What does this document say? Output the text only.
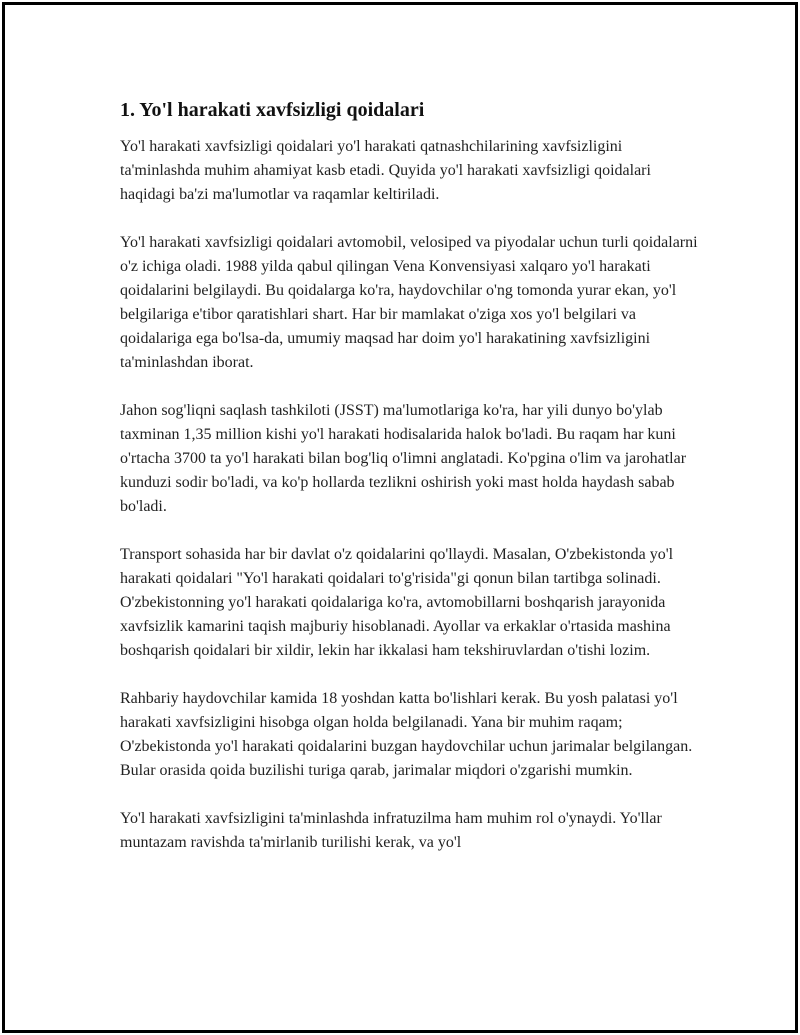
1. Yo'l harakati xavfsizligi qoidalari

Yo'l harakati xavfsizligi qoidalari yo'l harakati qatnashchilarining xavfsizligini ta'minlashda muhim ahamiyat kasb etadi. Quyida yo'l harakati xavfsizligi qoidalari haqidagi ba'zi ma'lumotlar va raqamlar keltiriladi.

Yo'l harakati xavfsizligi qoidalari avtomobil, velosiped va piyodalar uchun turli qoidalarni o'z ichiga oladi. 1988 yilda qabul qilingan Vena Konvensiyasi xalqaro yo'l harakati qoidalarini belgilaydi. Bu qoidalarga ko'ra, haydovchilar o'ng tomonda yurar ekan, yo'l belgilariga e'tibor qaratishlari shart. Har bir mamlakat o'ziga xos yo'l belgilari va qoidalariga ega bo'lsa-da, umumiy maqsad har doim yo'l harakatining xavfsizligini ta'minlashdan iborat.

Jahon sog'liqni saqlash tashkiloti (JSST) ma'lumotlariga ko'ra, har yili dunyo bo'ylab taxminan 1,35 million kishi yo'l harakati hodisalarida halok bo'ladi. Bu raqam har kuni o'rtacha 3700 ta yo'l harakati bilan bog'liq o'limni anglatadi. Ko'pgina o'lim va jarohatlar kunduzi sodir bo'ladi, va ko'p hollarda tezlikni oshirish yoki mast holda haydash sabab bo'ladi.

Transport sohasida har bir davlat o'z qoidalarini qo'llaydi. Masalan, O'zbekistonda yo'l harakati qoidalari "Yo'l harakati qoidalari to'g'risida"gi qonun bilan tartibga solinadi. O'zbekistonning yo'l harakati qoidalariga ko'ra, avtomobillarni boshqarish jarayonida xavfsizlik kamarini taqish majburiy hisoblanadi. Ayollar va erkaklar o'rtasida mashina boshqarish qoidalari bir xildir, lekin har ikkalasi ham tekshiruvlardan o'tishi lozim.

Rahbariy haydovchilar kamida 18 yoshdan katta bo'lishlari kerak. Bu yosh palatasi yo'l harakati xavfsizligini hisobga olgan holda belgilanadi. Yana bir muhim raqam; O'zbekistonda yo'l harakati qoidalarini buzgan haydovchilar uchun jarimalar belgilangan. Bular orasida qoida buzilishi turiga qarab, jarimalar miqdori o'zgarishi mumkin.

Yo'l harakati xavfsizligini ta'minlashda infratuzilma ham muhim rol o'ynaydi. Yo'llar muntazam ravishda ta'mirlanib turilishi kerak, va yo'l
